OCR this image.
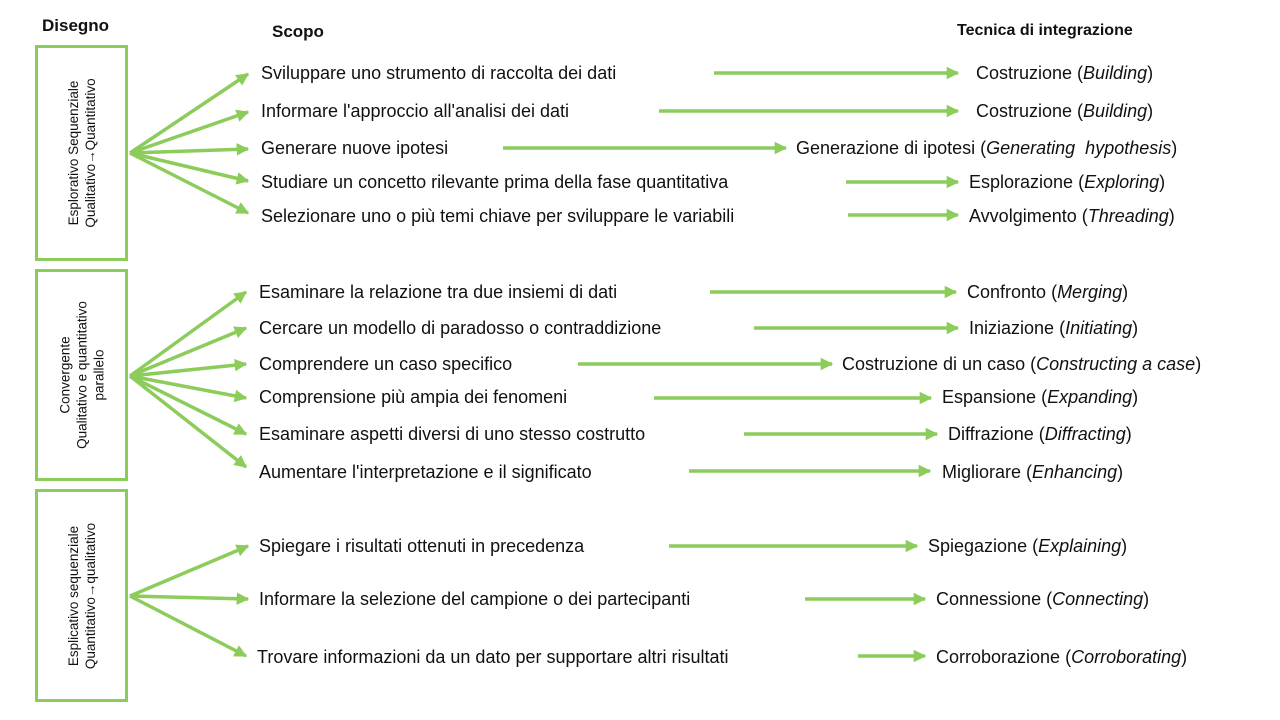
Disegno	Scopo	Tecnica di integrazione
Esplorativo Sequenziale Qualitativo→Quantitativo
Convergente Qualitativo e quantitativo parallelo
Esplicativo sequenziale Quantitativo→qualitativo
Sviluppare uno strumento di raccolta dei dati
Informare l'approccio all'analisi dei dati
Generare nuove ipotesi
Studiare un concetto rilevante prima della fase quantitativa
Selezionare uno o più temi chiave per sviluppare le variabili
Esaminare la relazione tra due insiemi di dati
Cercare un modello di paradosso o contraddizione
Comprendere un caso specifico
Comprensione più ampia dei fenomeni
Esaminare aspetti diversi di uno stesso costrutto
Aumentare l'interpretazione e il significato
Spiegare i risultati ottenuti in precedenza
Informare la selezione del campione o dei partecipanti
Trovare informazioni da un dato per supportare altri risultati
Costruzione (Building)
Costruzione (Building)
Generazione di ipotesi (Generating  hypothesis)
Esplorazione (Exploring)
Avvolgimento (Threading)
Confronto (Merging)
Iniziazione (Initiating)
Costruzione di un caso (Constructing a case)
Espansione (Expanding)
Diffrazione (Diffracting)
Migliorare (Enhancing)
Spiegazione (Explaining)
Connessione (Connecting)
Corroborazione (Corroborating)
